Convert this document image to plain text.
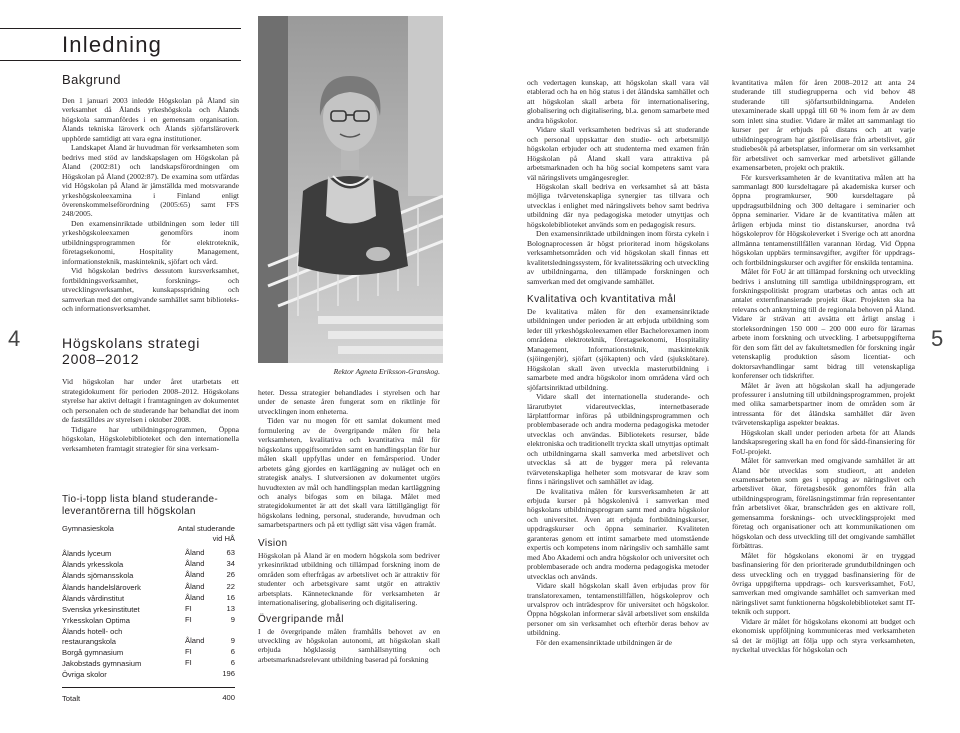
Inledning
4	5
Bakgrund

Den 1 januari 2003 inledde Högskolan på Åland sin verksamhet då Ålands yrkeshögskola och Ålands högskola sammanfördes i en gemensam organisation. Ålands tekniska läroverk och Ålands sjöfartsläroverk upphörde samtidigt att vara egna institutioner.

Landskapet Åland är huvudman för verksamheten som bedrivs med stöd av landskapslagen om Högskolan på Åland (2002:81) och landskapsförordningen om Högskolan på Åland (2002:87). De examina som utfärdas vid Högskolan på Åland är jämställda med motsvarande yrkeshögskoleexamina i Finland enligt överenskommelseförordning (2005:65) samt FFS 248/2005.

Den examensinriktade utbildningen som leder till yrkeshögskoleexamen genomförs inom utbildningsprogrammen för elektroteknik, företagsekonomi, Hospitality Management, informationsteknik, maskinteknik, sjöfart och vård.

Vid högskolan bedrivs dessutom kursverksamhet, fortbildningsverksamhet, forsknings- och utvecklingsverksamhet, kunskapsspridning och samverkan med det omgivande samhället samt biblioteks- och informationsverksamhet.

Högskolans strategi
2008–2012

Vid högskolan har under året utarbetats ett strategidokument för perioden 2008–2012. Högskolans styrelse har aktivt deltagit i framtagningen av dokumentet och personalen och de studerande har behandlat det inom de fastställdes av styrelsen i oktober 2008.

Tidigare har utbildningsprogrammen, Öppna högskolan, Högskolebiblioteket och den internationella verksamheten framtagit strategier för sina verksam-

Tio-i-topp lista bland studerande-
leverantörerna till högskolan
Gymnasieskola	Antal studerande
vid HÅ
Ålands lyceum	Åland	63
Ålands yrkesskola	Åland	34
Ålands sjömansskola	Åland	26
Ålands handelsläroverk	Åland	22
Ålands vårdinstitut	Åland	16
Svenska yrkesinstitutet	FI	13
Yrkesskolan Optima	FI	9
Ålands hotell- och restaurangskola	Åland	9
Borgå gymnasium	FI	6
Jakobstads gymnasium	FI	6
Övriga skolor	196
Totalt	400
Rektor Agneta Eriksson-Granskog.

heter. Dessa strategier behandlades i styrelsen och har under de senaste åren fungerat som en riktlinje för utvecklingen inom enheterna.

Tiden var nu mogen för ett samlat dokument med formulering av de övergripande målen för hela verksamheten, kvalitativa och kvantitativa mål för högskolans uppgiftsområden samt en handlingsplan för hur målen skall uppfyllas under en femårsperiod. Under arbetets gång gjordes en kartläggning av nuläget och en strategisk analys. I slutversionen av dokumentet utgörs huvudtexten av mål och handlingsplan medan kartläggning och analys bifogas som en bilaga. Målet med strategidokumentet är att det skall vara lättillgängligt för högskolans ledning, personal, studerande, huvudman och samarbetspartners och på ett tydligt sätt visa vägen framåt.

Vision

Högskolan på Åland är en modern högskola som bedriver yrkesinriktad utbildning och tillämpad forskning inom de områden som efterfrågas av arbetslivet och är attraktiv för studenter och arbetsgivare samt utgör en attraktiv arbetsplats. Kännetecknande för verksamheten är internationalisering, globalisering och digitalisering.

Övergripande mål

I de övergripande målen framhålls behovet av en utveckling av högskolan autonomi, att högskolan skall erbjuda högklassig samhällsnytting och arbetsmarknadsrelevant utbildning baserad på forskning

och vedertagen kunskap, att högskolan skall vara väl etablerad och ha en hög status i det åländska samhället och att högskolan skall arbeta för internationalisering, globalisering och digitalisering, bl.a. genom samarbete med andra högskolor.

Vidare skall verksamheten bedrivas så att studerande och personal uppskattar den studie- och arbetsmiljö högskolan erbjuder och att studenterna med examen från Högskolan på Åland skall vara attraktiva på arbetsmarknaden och ha hög social kompetens samt vara väl näringslivets umgängesregler.

Högskolan skall bedriva en verksamhet så att bästa möjliga tvärvetenskapliga synergier tas tillvara och utvecklas i enlighet med näringslivets behov samt bedriva utbildning där nya pedagogiska metoder utnyttjas och högskolebiblioteket används som en pedagogisk resurs.

Den examensinriktade utbildningen inom första cykeln i Bolognaprocessen är högst prioriterad inom högskolans verksamhetsområden och vid högskolan skall finnas ett kvalitetsledningssystem, för kvalitetssäkring och utveckling av utbildningarna, den tillämpade forskningen och samverkan med det omgivande samhället.

Kvalitativa och kvantitativa mål

De kvalitativa målen för den examensinriktade utbildningen under perioden är att erbjuda utbildning som leder till yrkeshögskoleexamen eller Bachelorexamen inom områdena elektroteknik, företagsekonomi, Hospitality Management, Informationsteknik, maskinteknik (sjöingenjör), sjöfart (sjökapten) och vård (sjukskötare). Högskolan skall även utveckla masterutbildning i samarbete med andra högskolor inom områdena vård och sjöfartsinriktad utbildning.

Vidare skall det internationella studerande- och lärarutbytet vidareutvecklas, internetbaserade lärplattformar införas på utbildningsprogrammen och problembaserade och andra moderna pedagogiska metoder utvecklas och användas. Bibliotekets resurser, både elektroniska och traditionellt tryckta skall utnyttjas optimalt och utbildningarna skall samverka med arbetslivet och utvecklas så att de bygger mera på relevanta tvärvetenskapliga helheter som motsvarar de krav som finns i näringslivet och samhället av idag.

De kvalitativa målen för kursverksamheten är att erbjuda kurser på högskolenivå i samverkan med högskolans utbildningsprogram samt med andra högskolor och universitet. Även att erbjuda fortbildningskurser, uppdragskurser och öppna seminarier. Kvaliteten garanteras genom ett intimt samarbete med utomstående expertis och kompetens inom näringsliv och samhälle samt med Åbo Akademi och andra högskolor och universitet och problembaserade och andra moderna pedagogiska metoder utvecklas och används.

Vidare skall högskolan skall även erbjudas prov för translatorexamen, tentamenstillfällen, högskoleprov och urvalsprov och inträdesprov för universitet och högskolor. Öppna högskolan informerar såväl arbetslivet som enskilda personer om sin verksamhet och efterhör deras behov av utbildning.

För den examensinriktade utbildningen är de

kvantitativa målen för åren 2008–2012 att anta 24 studerande till studiegrupperna och vid behov 48 studerande till sjöfartsutbildningarna. Andelen utexaminerade skall uppgå till 60 % inom fem år av dem som inlett sina studier. Vidare är målet att sammanlagt tio kurser per år erbjuds på distans och att varje utbildningsprogram har gästföreläsare från arbetslivet, gör studiebesök på arbetsplatser, informerar om sin verksamhet för arbetslivet och samverkar med arbetslivet gällande examensarbeten, projekt och praktik.

För kursverksamheten är de kvantitativa målen att ha sammanlagt 800 kursdeltagare på akademiska kurser och öppna programkurser, 900 kursdeltagare på uppdragsutbildning och 300 deltagare i seminarier och öppna seminarier. Vidare är de kvantitativa målen att årligen erbjuda minst tio distanskurser, anordna två högskoleprov för Högskoleverket i Sverige och att anordna allmänna tentamenstillfällen varannan lördag. Vid Öppna högskolan uppbärs terminsavgifter, avgifter för uppdrags- och fortbildningskurser och avgifter för enskilda tentamina.

Målet för FoU är att tillämpad forskning och utveckling bedrivs i anslutning till samtliga utbildningsprogram, ett forskningspolitiskt program utarbetas och antas och att antalet externfinansierade projekt ökar. Projekten ska ha relevans och anknytning till de regionala behoven på Åland. Vidare är strävan att avsätta ett årligt anslag i storleksordningen 150 000 – 200 000 euro för lärarnas arbete inom forskning och utveckling. I arbetsuppgifterna för den som fått del av fakultetsmedlen för forskning ingår vetenskaplig produktion såsom licentiat- och doktorsavhandlingar samt bidrag till vetenskapliga konferenser och tidskrifter.

Målet är även att högskolan skall ha adjungerade professurer i anslutning till utbildningsprogrammen, projekt med olika samarbetspartner inom de områden som är intressanta för det åländska samhället där även tvärvetenskapliga aspekter beaktas.

Högskolan skall under perioden arbeta för att Ålands landskapsregering skall ha en fond för sådd-finansiering för FoU-projekt.

Målet för samverkan med omgivande samhället är att Åland bör utvecklas som studieort, att andelen examensarbeten som ges i uppdrag av näringslivet och arbetslivet ökar, företagsbesök genomförs från alla utbildningsprogram, föreläsningstimmar från representanter från arbetslivet ökar, branschråden ges en aktivare roll, gemensamma forsknings- och utvecklingsprojekt med företag och organisationer och att kommunikationen om högskolan och dess utveckling till det omgivande samhället förbättras.

Målet för högskolans ekonomi är en tryggad basfinansiering för den prioriterade grundutbildningen och dess utveckling och en tryggad basfinansiering för de övriga uppgifterna uppdrags- och kursverksamhet, FoU, samverkan med omgivande samhället och samverkan med näringslivet samt funktionerna högskolebiblioteket samt IT-teknik och support.

Vidare är målet för högskolans ekonomi att budget och ekonomisk uppföljning kommuniceras med verksamheten så det är möjligt att följa upp och styra verksamheten, nyckeltal utvecklas för högskolan och
